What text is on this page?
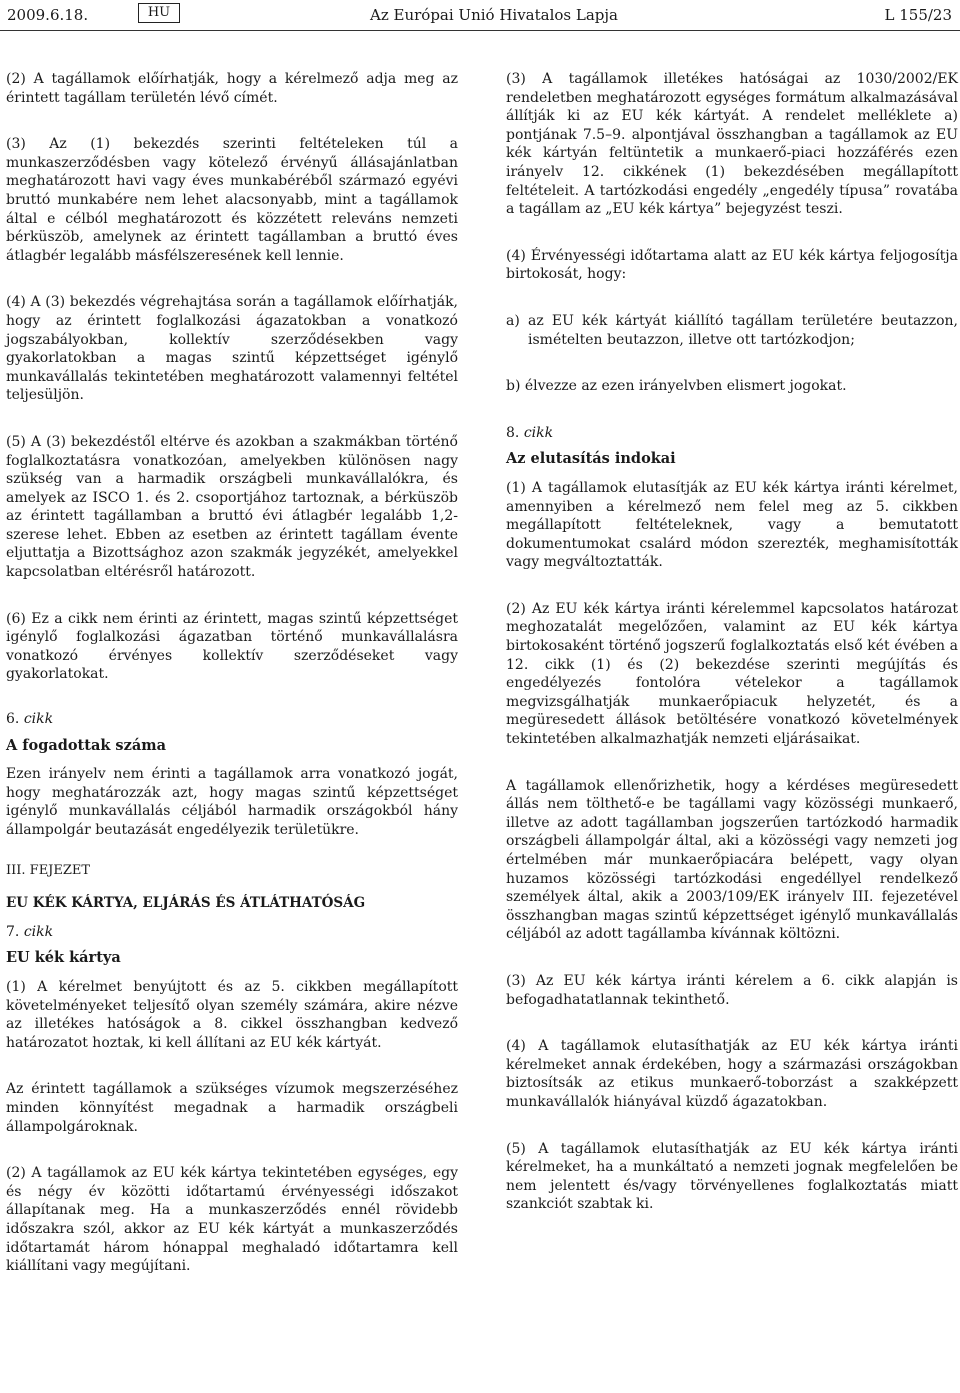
2009.6.18.	HU	Az Európai Unió Hivatalos Lapja	L 155/23

(2) A tagállamok előírhatják, hogy a kérelmező adja meg az érintett tagállam területén lévő címét.

(3) Az (1) bekezdés szerinti feltételeken túl a munkaszerződésben vagy kötelező érvényű állásajánlatban meghatározott havi vagy éves munkabéréből származó egyévi bruttó munkabére nem lehet alacsonyabb, mint a tagállamok által e célból meghatározott és közzétett releváns nemzeti bérküszöb, amelynek az érintett tagállamban a bruttó éves átlagbér legalább másfélszeresének kell lennie.

(4) A (3) bekezdés végrehajtása során a tagállamok előírhatják, hogy az érintett foglalkozási ágazatokban a vonatkozó jogszabályokban, kollektív szerződésekben vagy gyakorlatokban a magas szintű képzettséget igénylő munkavállalás tekintetében meghatározott valamennyi feltétel teljesüljön.

(5) A (3) bekezdéstől eltérve és azokban a szakmákban történő foglalkoztatásra vonatkozóan, amelyekben különösen nagy szükség van a harmadik országbeli munkavállalókra, és amelyek az ISCO 1. és 2. csoportjához tartoznak, a bérküszöb az érintett tagállamban a bruttó évi átlagbér legalább 1,2-szerese lehet. Ebben az esetben az érintett tagállam évente eljuttatja a Bizottsághoz azon szakmák jegyzékét, amelyekkel kapcsolatban eltérésről határozott.

(6) Ez a cikk nem érinti az érintett, magas szintű képzettséget igénylő foglalkozási ágazatban történő munkavállalásra vonatkozó érvényes kollektív szerződéseket vagy gyakorlatokat.

6. cikk

A fogadottak száma

Ezen irányelv nem érinti a tagállamok arra vonatkozó jogát, hogy meghatározzák azt, hogy magas szintű képzettséget igénylő munkavállalás céljából harmadik országokból hány állampolgár beutazását engedélyezik területükre.

III. FEJEZET

EU KÉK KÁRTYA, ELJÁRÁS ÉS ÁTLÁTHATÓSÁG

7. cikk

EU kék kártya

(1) A kérelmet benyújtott és az 5. cikkben megállapított követelményeket teljesítő olyan személy számára, akire nézve az illetékes hatóságok a 8. cikkel összhangban kedvező határozatot hoztak, ki kell állítani az EU kék kártyát.

Az érintett tagállamok a szükséges vízumok megszerzéséhez minden könnyítést megadnak a harmadik országbeli állampolgároknak.

(2) A tagállamok az EU kék kártya tekintetében egységes, egy és négy év közötti időtartamú érvényességi időszakot állapítanak meg. Ha a munkaszerződés ennél rövidebb időszakra szól, akkor az EU kék kártyát a munkaszerződés időtartamát három hónappal meghaladó időtartamra kell kiállítani vagy megújítani.

(3) A tagállamok illetékes hatóságai az 1030/2002/EK rendeletben meghatározott egységes formátum alkalmazásával állítják ki az EU kék kártyát. A rendelet melléklete a) pontjának 7.5–9. alpontjával összhangban a tagállamok az EU kék kártyán feltüntetik a munkaerő-piaci hozzáférés ezen irányelv 12. cikkének (1) bekezdésében megállapított feltételeit. A tartózkodási engedély „engedély típusa” rovatába a tagállam az „EU kék kártya” bejegyzést teszi.

(4) Érvényességi időtartama alatt az EU kék kártya feljogosítja birtokosát, hogy:

a) az EU kék kártyát kiállító tagállam területére beutazzon, ismételten beutazzon, illetve ott tartózkodjon;

b) élvezze az ezen irányelvben elismert jogokat.

8. cikk

Az elutasítás indokai

(1) A tagállamok elutasítják az EU kék kártya iránti kérelmet, amennyiben a kérelmező nem felel meg az 5. cikkben megállapított feltételeknek, vagy a bemutatott dokumentumokat csalárd módon szerezték, meghamisították vagy megváltoztatták.

(2) Az EU kék kártya iránti kérelemmel kapcsolatos határozat meghozatalát megelőzően, valamint az EU kék kártya birtokosaként történő jogszerű foglalkoztatás első két évében a 12. cikk (1) és (2) bekezdése szerinti megújítás és engedélyezés fontolóra vételekor a tagállamok megvizsgálhatják munkaerőpiacuk helyzetét, és a megüresedett állások betöltésére vonatkozó követelmények tekintetében alkalmazhatják nemzeti eljárásaikat.

A tagállamok ellenőrizhetik, hogy a kérdéses megüresedett állás nem tölthető-e be tagállami vagy közösségi munkaerő, illetve az adott tagállamban jogszerűen tartózkodó harmadik országbeli állampolgár által, aki a közösségi vagy nemzeti jog értelmében már munkaerőpiacára belépett, vagy olyan huzamos közösségi tartózkodási engedéllyel rendelkező személyek által, akik a 2003/109/EK irányelv III. fejezetével összhangban magas szintű képzettséget igénylő munkavállalás céljából az adott tagállamba kívánnak költözni.

(3) Az EU kék kártya iránti kérelem a 6. cikk alapján is befogadhatatlannak tekinthető.

(4) A tagállamok elutasíthatják az EU kék kártya iránti kérelmeket annak érdekében, hogy a származási országokban biztosítsák az etikus munkaerő-toborzást a szakképzett munkavállalók hiányával küzdő ágazatokban.

(5) A tagállamok elutasíthatják az EU kék kártya iránti kérelmeket, ha a munkáltató a nemzeti jognak megfelelően be nem jelentett és/vagy törvényellenes foglalkoztatás miatt szankciót szabtak ki.
